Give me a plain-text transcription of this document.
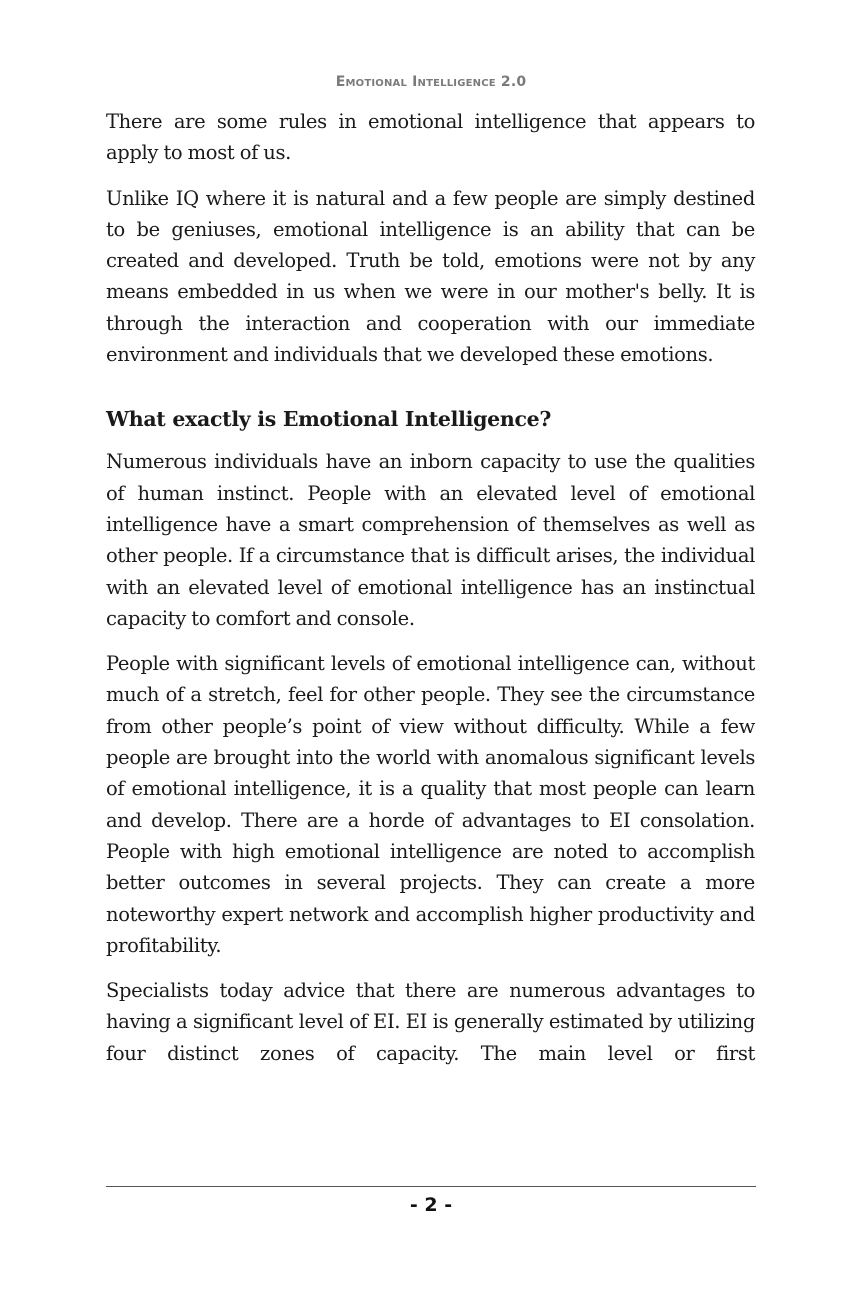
Emotional Intelligence 2.0

There are some rules in emotional intelligence that appears to apply to most of us.

Unlike IQ where it is natural and a few people are simply destined to be geniuses, emotional intelligence is an ability that can be created and developed. Truth be told, emotions were not by any means embedded in us when we were in our mother's belly. It is through the interaction and cooperation with our immediate environment and individuals that we developed these emotions.

What exactly is Emotional Intelligence?

Numerous individuals have an inborn capacity to use the qualities of human instinct. People with an elevated level of emotional intelligence have a smart comprehension of themselves as well as other people. If a circumstance that is difficult arises, the individual with an elevated level of emotional intelligence has an instinctual capacity to comfort and console.

People with significant levels of emotional intelligence can, without much of a stretch, feel for other people. They see the circumstance from other people’s point of view without difficulty. While a few people are brought into the world with anomalous significant levels of emotional intelligence, it is a quality that most people can learn and develop. There are a horde of advantages to EI consolation. People with high emotional intelligence are noted to accomplish better outcomes in several projects. They can create a more noteworthy expert network and accomplish higher productivity and profitability.

Specialists today advice that there are numerous advantages to having a significant level of EI. EI is generally estimated by utilizing four distinct zones of capacity. The main level or first

- 2 -
